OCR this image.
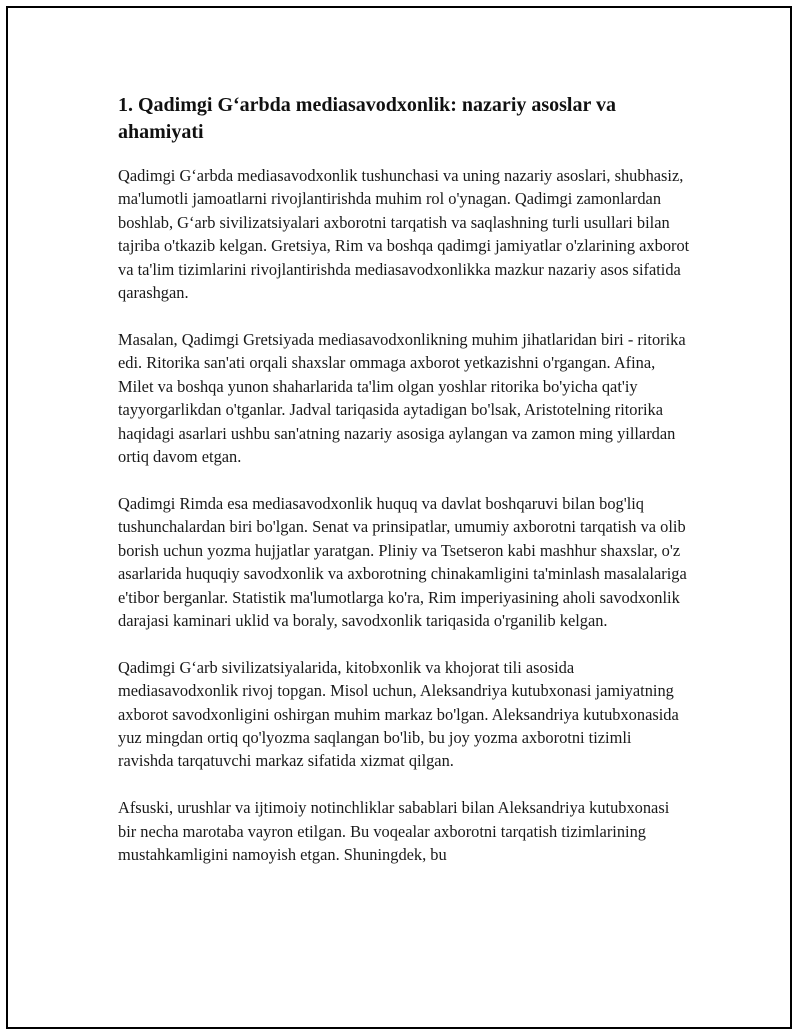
1. Qadimgi G‘arbda mediasavodxonlik: nazariy asoslar va ahamiyati

Qadimgi G‘arbda mediasavodxonlik tushunchasi va uning nazariy asoslari, shubhasiz, ma'lumotli jamoatlarni rivojlantirishda muhim rol o'ynagan. Qadimgi zamonlardan boshlab, G‘arb sivilizatsiyalari axborotni tarqatish va saqlashning turli usullari bilan tajriba o'tkazib kelgan. Gretsiya, Rim va boshqa qadimgi jamiyatlar o'zlarining axborot va ta'lim tizimlarini rivojlantirishda mediasavodxonlikka mazkur nazariy asos sifatida qarashgan.

Masalan, Qadimgi Gretsiyada mediasavodxonlikning muhim jihatlaridan biri - ritorika edi. Ritorika san'ati orqali shaxslar ommaga axborot yetkazishni o'rgangan. Afina, Milet va boshqa yunon shaharlarida ta'lim olgan yoshlar ritorika bo'yicha qat'iy tayyorgarlikdan o'tganlar. Jadval tariqasida aytadigan bo'lsak, Aristotelning ritorika haqidagi asarlari ushbu san'atning nazariy asosiga aylangan va zamon ming yillardan ortiq davom etgan.

Qadimgi Rimda esa mediasavodxonlik huquq va davlat boshqaruvi bilan bog'liq tushunchalardan biri bo'lgan. Senat va prinsipatlar, umumiy axborotni tarqatish va olib borish uchun yozma hujjatlar yaratgan. Pliniy va Tsetseron kabi mashhur shaxslar, o'z asarlarida huquqiy savodxonlik va axborotning chinakamligini ta'minlash masalalariga e'tibor berganlar. Statistik ma'lumotlarga ko'ra, Rim imperiyasining aholi savodxonlik darajasi kaminari uklid va boraly, savodxonlik tariqasida o'rganilib kelgan.

Qadimgi G‘arb sivilizatsiyalarida, kitobxonlik va khojorat tili asosida mediasavodxonlik rivoj topgan. Misol uchun, Aleksandriya kutubxonasi jamiyatning axborot savodxonligini oshirgan muhim markaz bo'lgan. Aleksandriya kutubxonasida yuz mingdan ortiq qo'lyozma saqlangan bo'lib, bu joy yozma axborotni tizimli ravishda tarqatuvchi markaz sifatida xizmat qilgan.

Afsuski, urushlar va ijtimoiy notinchliklar sabablari bilan Aleksandriya kutubxonasi bir necha marotaba vayron etilgan. Bu voqealar axborotni tarqatish tizimlarining mustahkamligini namoyish etgan. Shuningdek, bu
